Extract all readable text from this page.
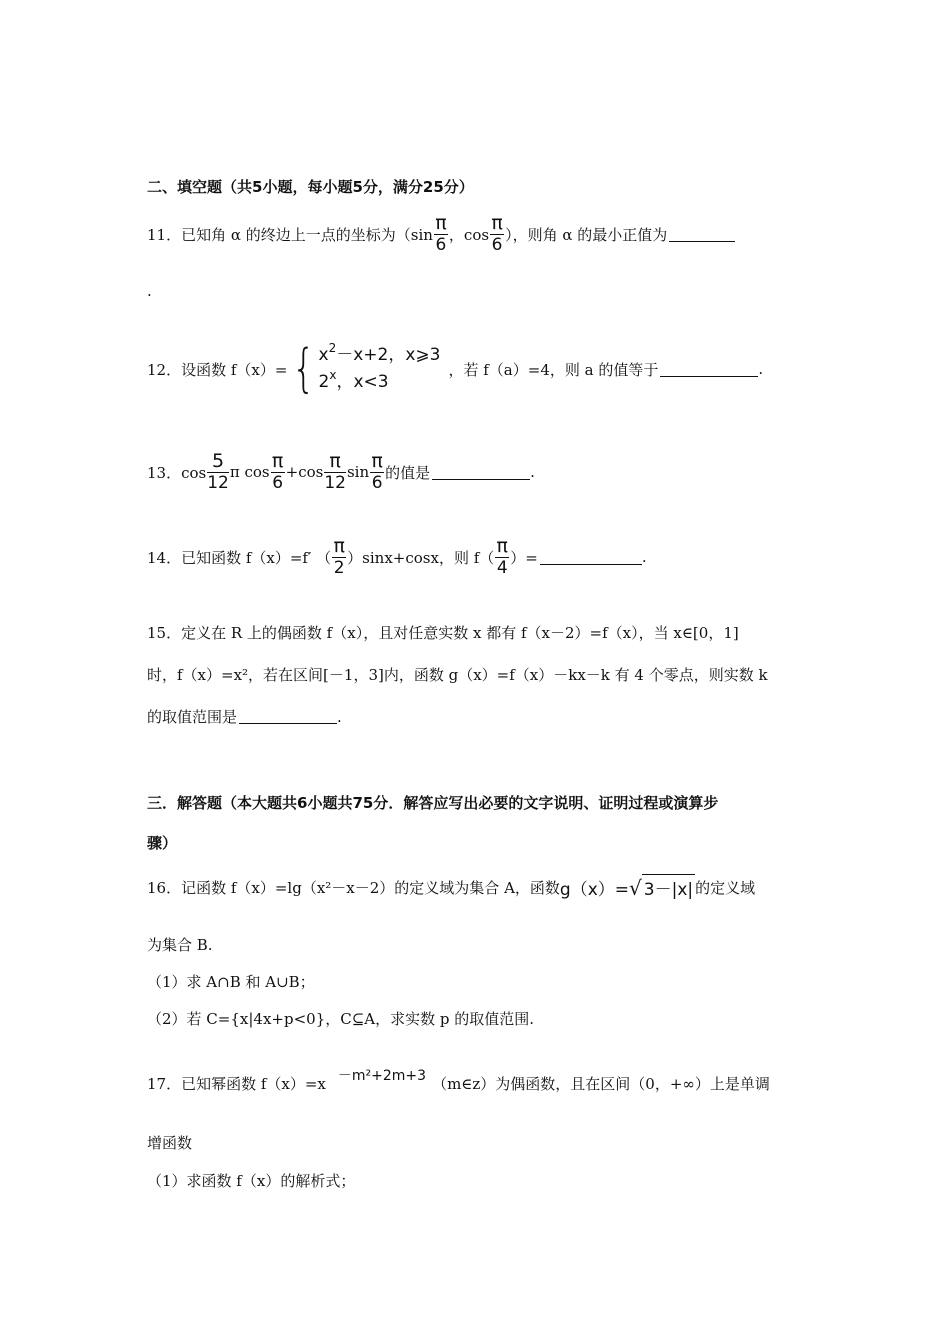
二、填空题（共5小题，每小题5分，满分25分）
11．已知角 α 的终边上一点的坐标为（$\sin \frac{\pi}{6}$ ，$\cos \frac{\pi}{6}$ ），则角 α 的最小正值为
.
12．设函数 f（x）= { $x^2-x+2$，x⩾3
2$^x$，x<3
，若 f（a）=4，则 a 的值等于	.
13．$\cos \frac{5}{12}$ π $\cos \frac{\pi}{6} +\cos \frac{\pi}{12}$ $\sin \frac{\pi}{6}$ 的值是	.
14．已知函数 f（x）=f′ （ $\frac{\pi}{2} )\sin x+\cos x$，则 $f( \frac{\pi}{4}$ ）=	.
15．定义在 R 上的偶函数 f（x），且对任意实数 x 都有 f（x－2）=f（x），当 x∈[0，1]
时，f（x）=x²，若在区间[－1，3]内，函数 g（x）=f（x）－kx－k 有 4 个零点，则实数 k
的取值范围是	.
三．解答题（本大题共6小题共75分．解答应写出必要的文字说明、证明过程或演算步
骤）
16．记函数 f（x）=lg（x²－x－2）的定义域为集合 A，函数 g（x）= √ 3－|x| 的定义域
为集合 B.
（1）求 A∩B 和 A∪B；
（2）若 C={x|4x+p<0}，C⊆A，求实数 p 的取值范围.
17．已知幂函数 f（x）=x －m²+2m+3 （m∈z）为偶函数，且在区间（0，+∞）上是单调
增函数
（1）求函数 f（x）的解析式；
